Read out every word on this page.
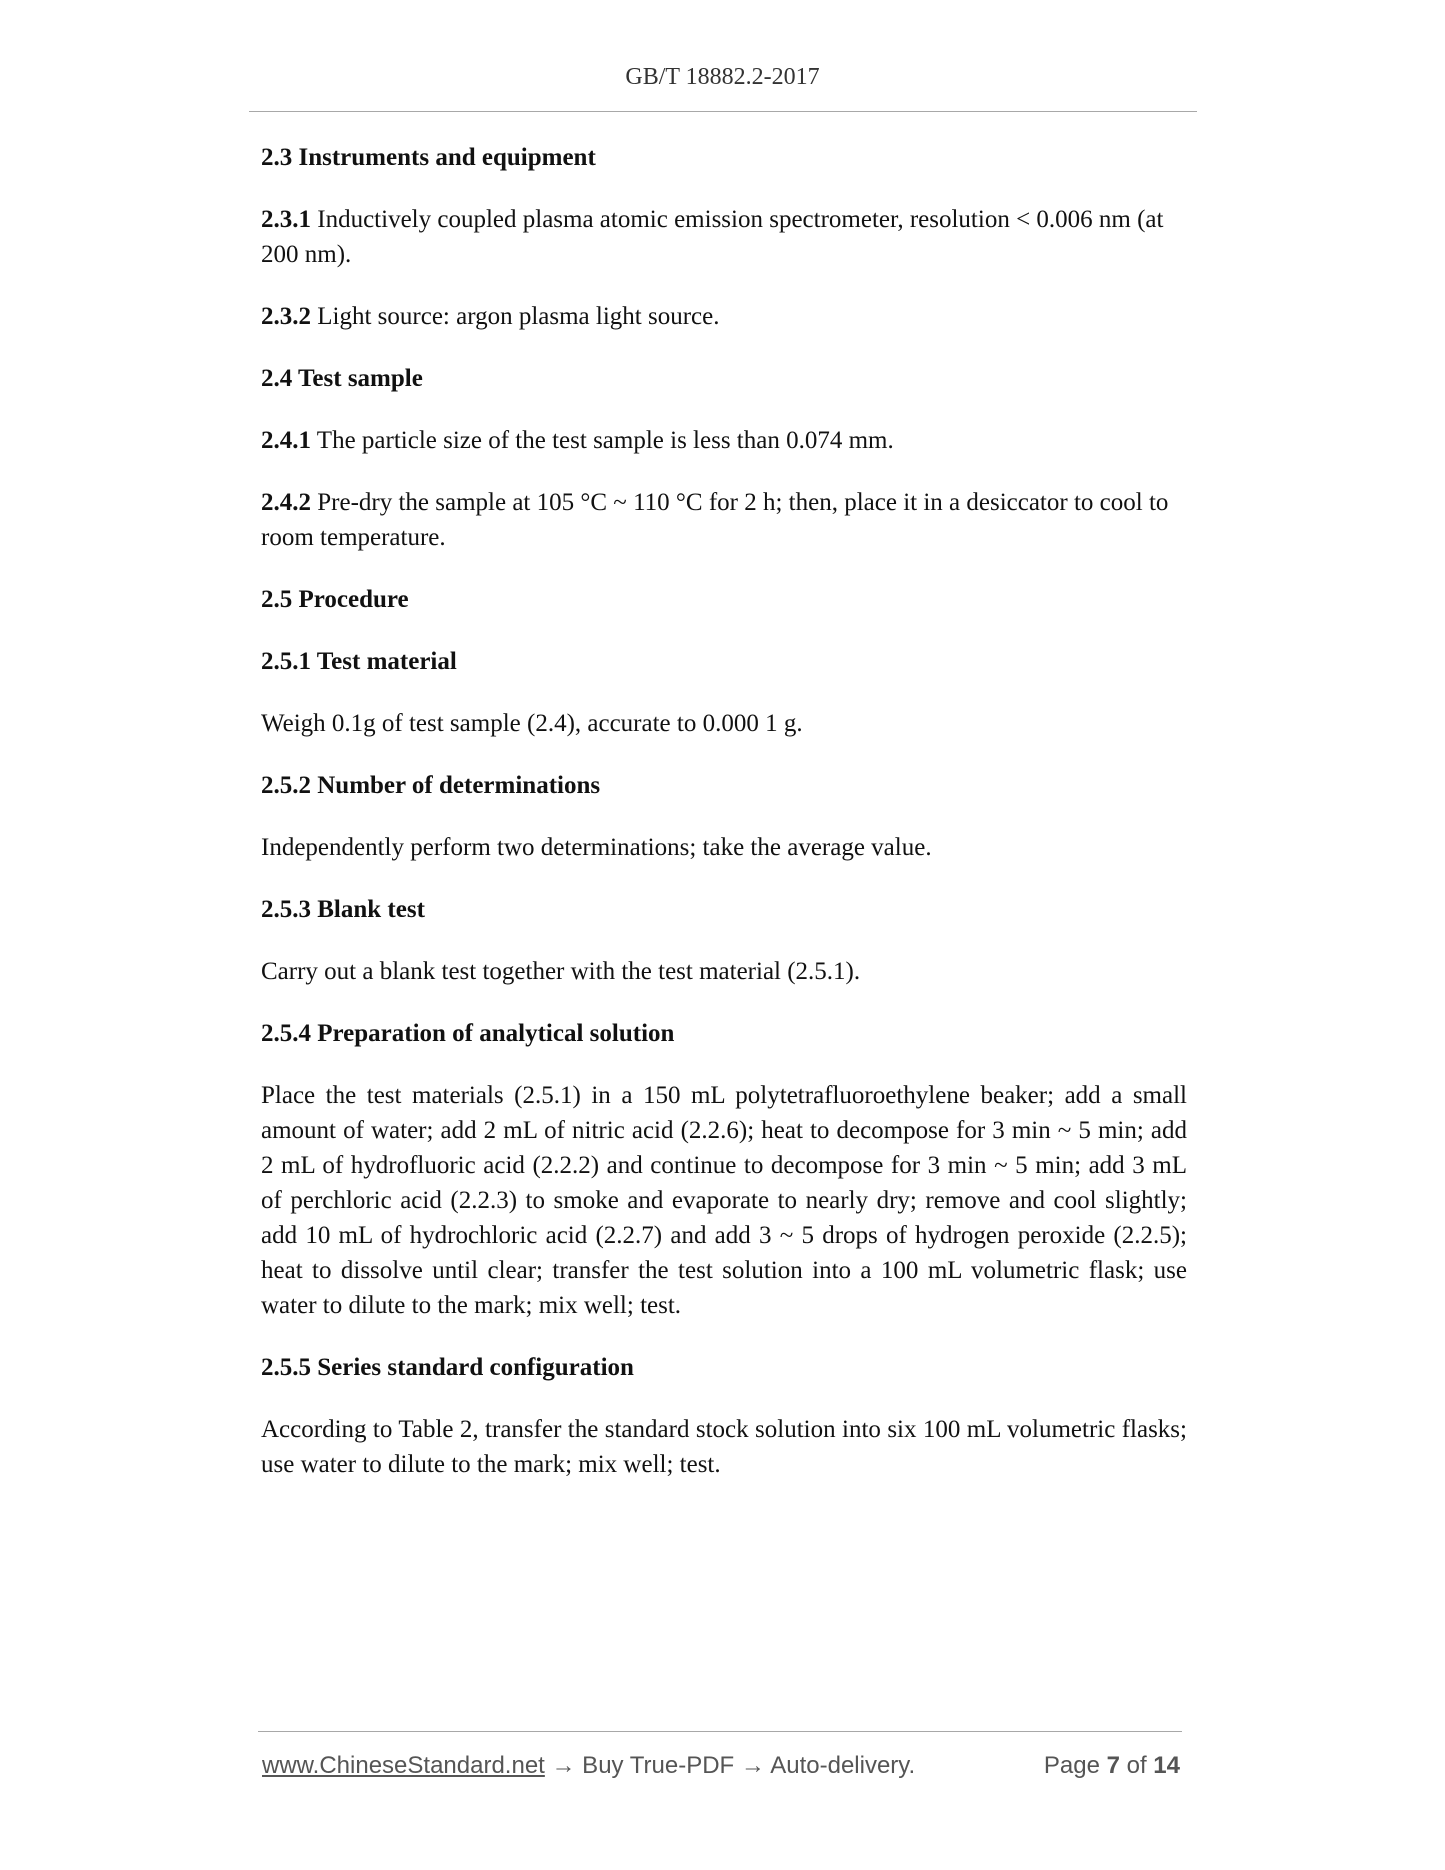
GB/T 18882.2-2017
2.3 Instruments and equipment
2.3.1 Inductively coupled plasma atomic emission spectrometer, resolution < 0.006 nm (at 200 nm).
2.3.2 Light source: argon plasma light source.
2.4 Test sample
2.4.1 The particle size of the test sample is less than 0.074 mm.
2.4.2 Pre-dry the sample at 105 °C ~ 110 °C for 2 h; then, place it in a desiccator to cool to room temperature.
2.5 Procedure
2.5.1 Test material
Weigh 0.1g of test sample (2.4), accurate to 0.000 1 g.
2.5.2 Number of determinations
Independently perform two determinations; take the average value.
2.5.3 Blank test
Carry out a blank test together with the test material (2.5.1).
2.5.4 Preparation of analytical solution
Place the test materials (2.5.1) in a 150 mL polytetrafluoroethylene beaker; add a small amount of water; add 2 mL of nitric acid (2.2.6); heat to decompose for 3 min ~ 5 min; add 2 mL of hydrofluoric acid (2.2.2) and continue to decompose for 3 min ~ 5 min; add 3 mL of perchloric acid (2.2.3) to smoke and evaporate to nearly dry; remove and cool slightly; add 10 mL of hydrochloric acid (2.2.7) and add 3 ~ 5 drops of hydrogen peroxide (2.2.5); heat to dissolve until clear; transfer the test solution into a 100 mL volumetric flask; use water to dilute to the mark; mix well; test.
2.5.5 Series standard configuration
According to Table 2, transfer the standard stock solution into six 100 mL volumetric flasks; use water to dilute to the mark; mix well; test.
www.ChineseStandard.net → Buy True-PDF → Auto-delivery.	Page 7 of 14
